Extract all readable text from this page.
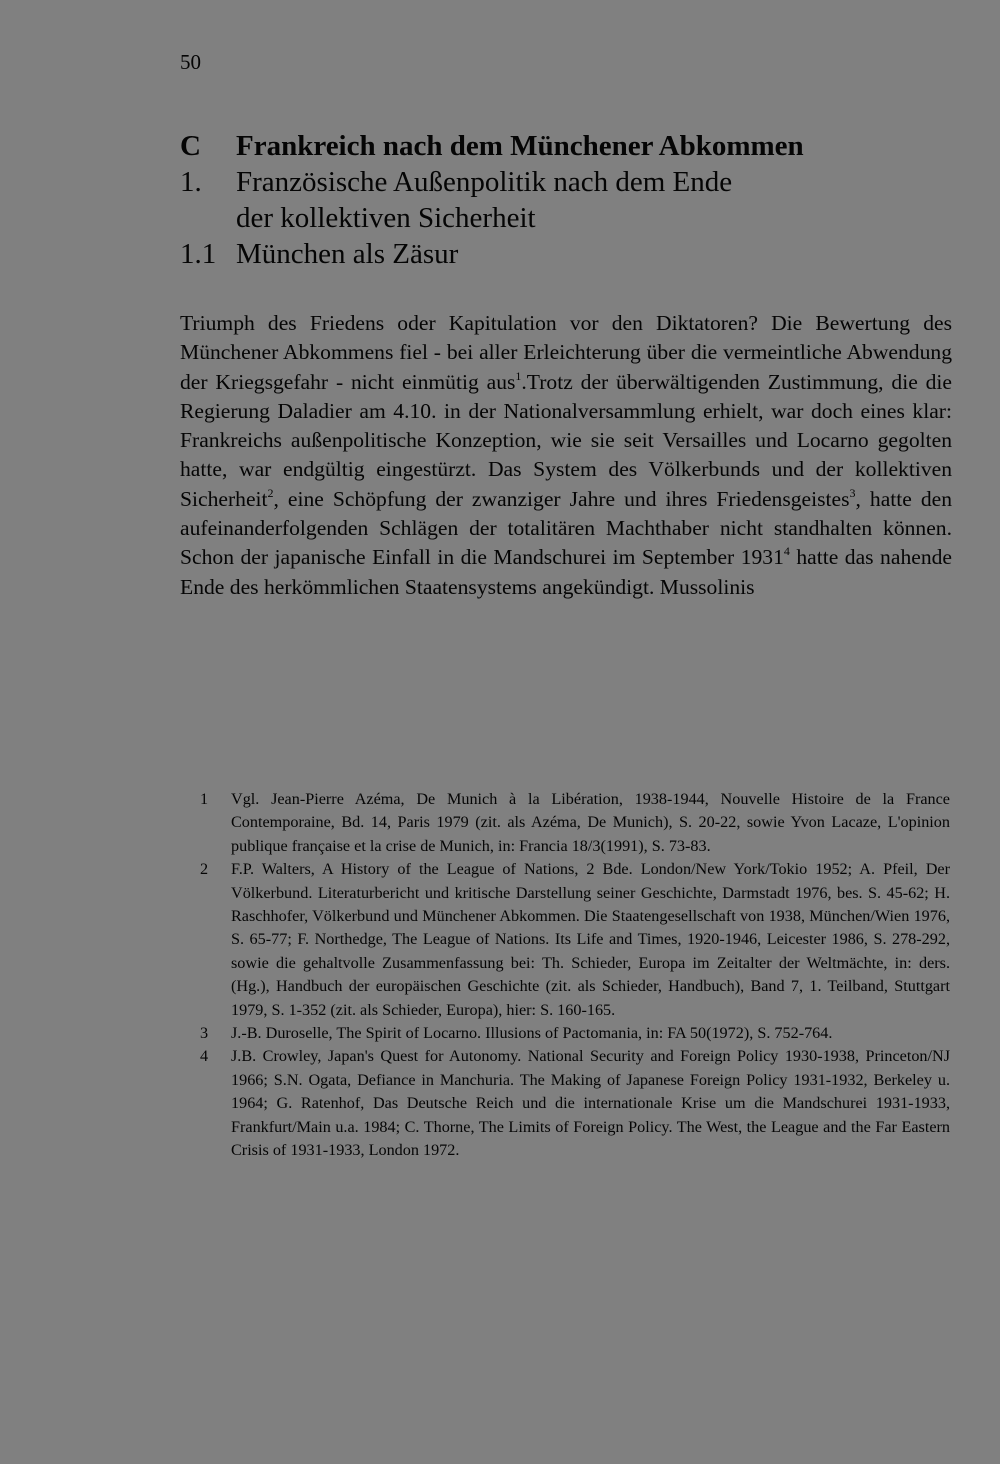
50
C	Frankreich nach dem Münchener Abkommen
1.	Französische Außenpolitik nach dem Ende der kollektiven Sicherheit
1.1 München als Zäsur

Triumph des Friedens oder Kapitulation vor den Diktatoren? Die Bewertung des Münchener Abkommens fiel - bei aller Erleichterung über die vermeintliche Abwendung der Kriegsgefahr - nicht einmütig aus$^1$.Trotz der überwältigenden Zustimmung, die die Regierung Daladier am 4.10. in der Nationalversammlung erhielt, war doch eines klar: Frankreichs außenpolitische Konzeption, wie sie seit Versailles und Locarno gegolten hatte, war endgültig eingestürzt. Das System des Völkerbunds und der kollektiven Sicherheit$^2$, eine Schöpfung der zwanziger Jahre und ihres Friedensgeistes$^3$, hatte den aufeinanderfolgenden Schlägen der totalitären Machthaber nicht standhalten können. Schon der japanische Einfall in die Mandschurei im September 1931$^4$ hatte das nahende Ende des herkömmlichen Staatensystems angekündigt. Mussolinis

1	Vgl. Jean-Pierre Azéma, De Munich à la Libération, 1938-1944, Nouvelle Histoire de la France Contemporaine, Bd. 14, Paris 1979 (zit. als Azéma, De Munich), S. 20-22, sowie Yvon Lacaze, L'opinion publique française et la crise de Munich, in: Francia 18/3(1991), S. 73-83.
2	F.P. Walters, A History of the League of Nations, 2 Bde. London/New York/Tokio 1952; A. Pfeil, Der Völkerbund. Literaturbericht und kritische Darstellung seiner Geschichte, Darmstadt 1976, bes. S. 45-62; H. Raschhofer, Völkerbund und Münchener Abkommen. Die Staatengesellschaft von 1938, München/Wien 1976, S. 65-77; F. Northedge, The League of Nations. Its Life and Times, 1920-1946, Leicester 1986, S. 278-292, sowie die gehaltvolle Zusammenfassung bei: Th. Schieder, Europa im Zeitalter der Weltmächte, in: ders. (Hg.), Handbuch der europäischen Geschichte (zit. als Schieder, Handbuch), Band 7, 1. Teilband, Stuttgart 1979, S. 1-352 (zit. als Schieder, Europa), hier: S. 160-165.
3	J.-B. Duroselle, The Spirit of Locarno. Illusions of Pactomania, in: FA 50(1972), S. 752-764.
4	J.B. Crowley, Japan's Quest for Autonomy. National Security and Foreign Policy 1930-1938, Princeton/NJ 1966; S.N. Ogata, Defiance in Manchuria. The Making of Japanese Foreign Policy 1931-1932, Berkeley u. 1964; G. Ratenhof, Das Deutsche Reich und die internationale Krise um die Mandschurei 1931-1933, Frankfurt/Main u.a. 1984; C. Thorne, The Limits of Foreign Policy. The West, the League and the Far Eastern Crisis of 1931-1933, London 1972.
